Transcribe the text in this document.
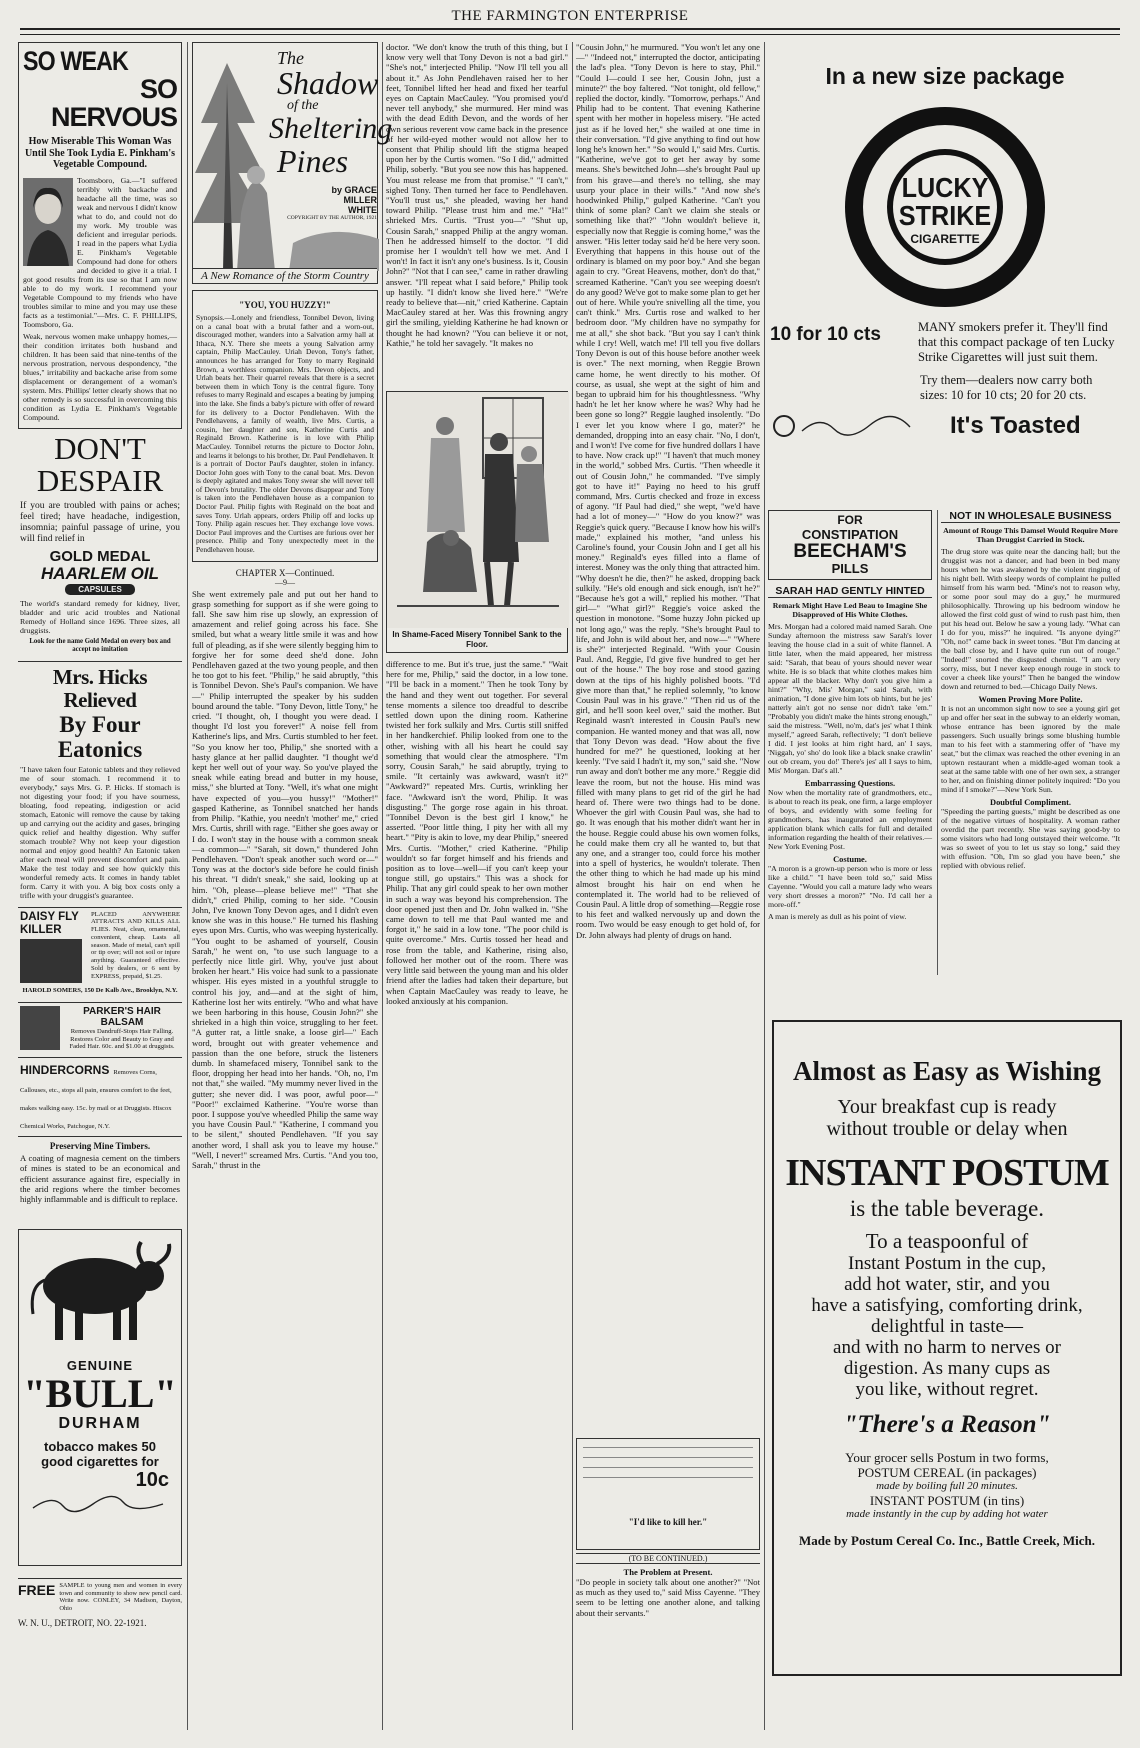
THE FARMINGTON ENTERPRISE
SO WEAK
SO NERVOUS
How Miserable This Woman Was Until She Took Lydia E. Pinkham's Vegetable Compound.
Toomsboro, Ga.—"I suffered terribly with backache and headache all the time, was so weak and nervous I didn't know what to do, and could not do my work. My trouble was deficient and irregular periods. I read in the papers what Lydia E. Pinkham's Vegetable Compound had done for others and decided to give it a trial. I got good results from its use so that I am now able to do my work. I recommend your Vegetable Compound to my friends who have troubles similar to mine and you may use these facts as a testimonial."—Mrs. C. F. PHILLIPS, Toomsboro, Ga.
Weak, nervous women make unhappy homes,—their condition irritates both husband and children. It has been said that nine-tenths of the nervous prostration, nervous despondency, "the blues," irritability and backache arise from some displacement or derangement of a woman's system. Mrs. Phillips' letter clearly shows that no other remedy is so successful in overcoming this condition as Lydia E. Pinkham's Vegetable Compound.
DON'T
DESPAIR
If you are troubled with pains or aches; feel tired; have headache, indigestion, insomnia; painful passage of urine, you will find relief in
GOLD MEDAL
HAARLEM OIL
CAPSULES
The world's standard remedy for kidney, liver, bladder and uric acid troubles and National Remedy of Holland since 1696. Three sizes, all druggists.
Look for the name Gold Medal on every box and accept no imitation
Mrs. Hicks Relieved
By Four Eatonics
"I have taken four Eatonic tablets and they relieved me of sour stomach. I recommend it to everybody," says Mrs. G. P. Hicks. If stomach is not digesting your food; if you have sourness, bloating, food repeating, indigestion or acid stomach, Eatonic will remove the cause by taking up and carrying out the acidity and gases, bringing quick relief and healthy digestion. Why suffer stomach trouble? Why not keep your digestion normal and enjoy good health? An Eatonic taken after each meal will prevent discomfort and pain. Make the test today and see how quickly this wonderful remedy acts. It comes in handy tablet form. Carry it with you. A big box costs only a trifle with your druggist's guarantee.
DAISY FLY KILLER
PLACED ANYWHERE ATTRACTS AND KILLS ALL FLIES. Neat, clean, ornamental, convenient, cheap. Lasts all season. Made of metal, can't spill or tip over; will not soil or injure anything. Guaranteed effective. Sold by dealers, or 6 sent by EXPRESS, prepaid, $1.25.
HAROLD SOMERS, 150 De Kalb Ave., Brooklyn, N.Y.
PARKER'S HAIR BALSAM
Removes Dandruff-Stops Hair Falling. Restores Color and Beauty to Gray and Faded Hair. 60c. and $1.00 at druggists.
HINDERCORNS Removes Corns, Callouses, etc., stops all pain, ensures comfort to the feet, makes walking easy. 15c. by mail or at Druggists. Hiscox Chemical Works, Patchogue, N.Y.
Preserving Mine Timbers.
A coating of magnesia cement on the timbers of mines is stated to be an economical and efficient assurance against fire, especially in the arid regions where the timber becomes highly inflammable and is difficult to replace.
GENUINE
"BULL"
DURHAM
tobacco makes 50
good cigarettes for
10c
FREE SAMPLE to young men and women in every town and community to show new pencil card. Write now. CONLEY, 34 Madison, Dayton, Ohio
W. N. U., DETROIT, NO. 22-1921.
The
Shadow
of the
Sheltering
Pines
by GRACE
MILLER
WHITE
COPYRIGHT BY THE AUTHOR, 1921
A New Romance of the Storm Country
"YOU, YOU HUZZY!"
Synopsis.—Lonely and friendless, Tonnibel Devon, living on a canal boat with a brutal father and a worn-out, discouraged mother, wanders into a Salvation army hall at Ithaca, N.Y. There she meets a young Salvation army captain, Philip MacCauley. Uriah Devon, Tony's father, announces he has arranged for Tony to marry Reginald Brown, a worthless companion. Mrs. Devon objects, and Urlah beats her. Their quarrel reveals that there is a secret between them in which Tony is the central figure. Tony refuses to marry Reginald and escapes a beating by jumping into the lake. She finds a baby's picture with offer of reward for its delivery to a Doctor Pendlehaven. With the Pendlehavens, a family of wealth, live Mrs. Curtis, a cousin, her daughter and son, Katherine Curtis and Reginald Brown. Katherine is in love with Philip MacCauley. Tonnibel returns the picture to Doctor John, and learns it belongs to his brother, Dr. Paul Pendlehaven. It is a portrait of Doctor Paul's daughter, stolen in infancy. Doctor John goes with Tony to the canal boat. Mrs. Devon is deeply agitated and makes Tony swear she will never tell of Devon's brutality. The older Devons disappear and Tony is taken into the Pendlehaven house as a companion to Doctor Paul. Philip fights with Reginald on the boat and saves Tony. Urlah appears, orders Philip off and locks up Tony. Philip again rescues her. They exchange love vows. Doctor Paul improves and the Curtises are furious over her presence. Philip and Tony unexpectedly meet in the Pendlehaven house.
CHAPTER X—Continued.
—9—
She went extremely pale and put out her hand to grasp something for support as if she were going to fall. She saw him rise up slowly, an expression of amazement and relief going across his face. She smiled, but what a weary little smile it was and how full of pleading, as if she were silently begging him to forgive her for some deed she'd done. John Pendlehaven gazed at the two young people, and then he too got to his feet. "Philip," he said abruptly, "this is Tonnibel Devon. She's Paul's companion. We have—" Philip interrupted the speaker by his sudden bound around the table. "Tony Devon, little Tony," he cried. "I thought, oh, I thought you were dead. I thought I'd lost you forever!" A noise fell from Katherine's lips, and Mrs. Curtis stumbled to her feet. "So you know her too, Philip," she snorted with a hasty glance at her pallid daughter. "I thought we'd kept her well out of your way. So you've played the sneak while eating bread and butter in my house, miss," she blurted at Tony. "Well, it's what one might have expected of you—you hussy!" "Mother!" gasped Katherine, as Tonnibel snatched her hands from Philip. "Kathie, you needn't 'mother' me," cried Mrs. Curtis, shrill with rage. "Either she goes away or I do. I won't stay in the house with a common sneak—a common—" "Sarah, sit down," thundered John Pendlehaven. "Don't speak another such word or—" Tony was at the doctor's side before he could finish his threat. "I didn't sneak," she said, looking up at him. "Oh, please—please believe me!" "That she didn't," cried Philip, coming to her side. "Cousin John, I've known Tony Devon ages, and I didn't even know she was in this house." He turned his flashing eyes upon Mrs. Curtis, who was weeping hysterically. "You ought to be ashamed of yourself, Cousin Sarah," he went on, "to use such language to a perfectly nice little girl. Why, you've just about broken her heart." His voice had sunk to a passionate whisper. His eyes misted in a youthful struggle to control his joy, and—and at the sight of him, Katherine lost her wits entirely. "Who and what have we been harboring in this house, Cousin John?" she shrieked in a high thin voice, struggling to her feet. "A gutter rat, a little snake, a loose girl—" Each word, brought out with greater vehemence and passion than the one before, struck the listeners dumb. In shamefaced misery, Tonnibel sank to the floor, dropping her head into her hands. "Oh, no, I'm not that," she wailed. "My mummy never lived in the gutter; she never did. I was poor, awful poor—" "Poor!" exclaimed Katherine. "You're worse than poor. I suppose you've wheedled Philip the same way you have Cousin Paul." "Katherine, I command you to be silent," shouted Pendlehaven. "If you say another word, I shall ask you to leave my house." "Well, I never!" screamed Mrs. Curtis. "And you too, Sarah," thrust in the
doctor. "We don't know the truth of this thing, but I know very well that Tony Devon is not a bad girl." "She's not," interjected Philip. "Now I'll tell you all about it." As John Pendlehaven raised her to her feet, Tonnibel lifted her head and fixed her tearful eyes on Captain MacCauley. "You promised you'd never tell anybody," she murmured. Her mind was with the dead Edith Devon, and the words of her own serious reverent vow came back in the presence of her wild-eyed mother would not allow her to consent that Philip should lift the stigma heaped upon her by the Curtis women. "So I did," admitted Philip, soberly. "But you see now this has happened. You must release me from that promise." "I can't," sighed Tony. Then turned her face to Pendlehaven. "You'll trust us," she pleaded, waving her hand toward Philip. "Please trust him and me." "Ha!" shrieked Mrs. Curtis. "Trust you—" "Shut up, Cousin Sarah," snapped Philip at the angry woman. Then he addressed himself to the doctor. "I did promise her I wouldn't tell how we met. And I won't! In fact it isn't any one's business. Is it, Cousin John?" "Not that I can see," came in rather drawling answer. "I'll repeat what I said before," Philip took up hastily. "I didn't know she lived here." "We're ready to believe that—nit," cried Katherine. Captain MacCauley stared at her. Was this frowning angry girl the smiling, yielding Katherine he had known or thought he had known? "You can believe it or not, Kathie," he told her savagely. "It makes no
In Shame-Faced Misery Tonnibel Sank to the Floor.
difference to me. But it's true, just the same." "Wait here for me, Philip," said the doctor, in a low tone. "I'll be back in a moment." Then he took Tony by the hand and they went out together. For several tense moments a silence too dreadful to describe settled down upon the dining room. Katherine twisted her fork sulkily and Mrs. Curtis still sniffed in her handkerchief. Philip looked from one to the other, wishing with all his heart he could say something that would clear the atmosphere. "I'm sorry, Cousin Sarah," he said abruptly, trying to smile. "It certainly was awkward, wasn't it?" "Awkward?" repeated Mrs. Curtis, wrinkling her face. "Awkward isn't the word, Philip. It was disgusting." The gorge rose again in his throat. "Tonnibel Devon is the best girl I know," he asserted. "Poor little thing, I pity her with all my heart." "Pity is akin to love, my dear Philip," sneered Mrs. Curtis. "Mother," cried Katherine. "Philip wouldn't so far forget himself and his friends and position as to love—well—if you can't keep your tongue still, go upstairs." This was a shock for Philip. That any girl could speak to her own mother in such a way was beyond his comprehension. The door opened just then and Dr. John walked in. "She came down to tell me that Paul wanted me and forgot it," he said in a low tone. "The poor child is quite overcome." Mrs. Curtis tossed her head and rose from the table, and Katherine, rising also, followed her mother out of the room. There was very little said between the young man and his older friend after the ladies had taken their departure, but when Captain MacCauley was ready to leave, he looked anxiously at his companion.
"Cousin John," he murmured. "You won't let any one—" "Indeed not," interrupted the doctor, anticipating the lad's plea. "Tony Devon is here to stay, Phil." "Could I—could I see her, Cousin John, just a minute?" the boy faltered. "Not tonight, old fellow," replied the doctor, kindly. "Tomorrow, perhaps." And Philip had to be content. That evening Katherine spent with her mother in hopeless misery. "He acted just as if he loved her," she wailed at one time in their conversation. "I'd give anything to find out how long he's known her." "So would I," said Mrs. Curtis. "Katherine, we've got to get her away by some means. She's bewitched John—she's brought Paul up from his grave—and there's no telling, she may usurp your place in their wills." "And now she's hoodwinked Philip," gulped Katherine. "Can't you think of some plan? Can't we claim she steals or something like that?" "John wouldn't believe it, especially now that Reggie is coming home," was the answer. "His letter today said he'd be here very soon. Everything that happens in this house out of the ordinary is blamed on my poor boy." And she began again to cry. "Great Heavens, mother, don't do that," screamed Katherine. "Can't you see weeping doesn't do any good? We've got to make some plan to get her out of here. While you're snivelling all the time, you can't think." Mrs. Curtis rose and walked to her bedroom door. "My children have no sympathy for me at all," she shot back. "But you say I can't think while I cry! Well, watch me! I'll tell you five dollars Tony Devon is out of this house before another week is over." The next morning, when Reggie Brown came home, he went directly to his mother. Of course, as usual, she wept at the sight of him and began to upbraid him for his thoughtlessness. "Why hadn't he let her know where he was? Why had he been gone so long?" Reggie laughed insolently. "Do I ever let you know where I go, mater?" he demanded, dropping into an easy chair. "No, I don't, and I won't! I've come for five hundred dollars I have to have. Now crack up!" "I haven't that much money in the world," sobbed Mrs. Curtis. "Then wheedle it out of Cousin John," he commanded. "I've simply got to have it!" Paying no heed to his gruff command, Mrs. Curtis checked and froze in excess of agony. "If Paul had died," she wept, "we'd have had a lot of money—" "How do you know?" was Reggie's quick query. "Because I know how his will's made," explained his mother, "and unless his Caroline's found, your Cousin John and I get all his money." Reginald's eyes filled into a flame of interest. Money was the only thing that attracted him. "Why doesn't he die, then?" he asked, dropping back sulkily. "He's old enough and sick enough, isn't he?" "Because he's got a will," replied his mother. "That girl—" "What girl?" Reggie's voice asked the question in monotone. "Some huzzy John picked up not long ago," was the reply. "She's brought Paul to life, and John is wild about her, and now—" "Where is she?" interjected Reginald. "With your Cousin Paul. And, Reggie, I'd give five hundred to get her out of the house." The boy rose and stood gazing down at the tips of his highly polished boots. "I'd give more than that," he replied solemnly, "to know Cousin Paul was in his grave." "Then rid us of the girl, and he'll soon keel over," said the mother. But Reginald wasn't interested in Cousin Paul's new companion. He wanted money and that was all, now that Tony Devon was dead. "How about the five hundred for me?" he questioned, looking at her keenly. "I've said I hadn't it, my son," said she. "Now run away and don't bother me any more." Reggie did leave the room, but not the house. His mind was filled with many plans to get rid of the girl he had heard of. There were two things had to be done. Whoever the girl with Cousin Paul was, she had to go. It was enough that his mother didn't want her in the house. Reggie could abuse his own women folks, he could make them cry all he wanted to, but that any one, and a stranger too, could force his mother into a spell of hysterics, he wouldn't tolerate. Then the other thing to which he had made up his mind almost brought his hair on end when he contemplated it. The world had to be relieved of Cousin Paul. A little drop of something—Reggie rose to his feet and walked nervously up and down the room. Two would be easy enough to get hold of, for Dr. John always had plenty of drugs on hand.
"I'd like to kill her."
(TO BE CONTINUED.)
The Problem at Present.
"Do people in society talk about one another?" "Not as much as they used to," said Miss Cayenne. "They seem to be letting one another alone, and talking about their servants."
In a new size package
LUCKY
STRIKE
CIGARETTE
10 for 10 cts	MANY smokers prefer it. They'll find that this compact package of ten Lucky Strike Cigarettes will just suit them.
Try them—dealers now carry both sizes: 10 for 10 cts; 20 for 20 cts.
It's Toasted
FOR
CONSTIPATION
BEECHAM'S
PILLS
SARAH HAD GENTLY HINTED
Remark Might Have Led Beau to Imagine She Disapproved of His White Clothes.
Mrs. Morgan had a colored maid named Sarah. One Sunday afternoon the mistress saw Sarah's lover leaving the house clad in a suit of white flannel. A little later, when the maid appeared, her mistress said: "Sarah, that beau of yours should never wear white. He is so black that white clothes makes him appear all the blacker. Why don't you give him a hint?" "Why, Mis' Morgan," said Sarah, with animation, "I done give him lots ob hints, but he jes' natterly ain't got no sense nor didn't take 'em." "Probably you didn't make the hints strong enough," said the mistress. "Well, no'm, dat's jes' what I think myself," agreed Sarah, reflectively; "I don't believe I did. I jest looks at him right hard, an' I says, 'Niggah, yo' sho' do look like a black snake crawlin' out ob cream, you do!' There's jes' all I says to him, Mis' Morgan. Dat's all."
Embarrassing Questions.
Now when the mortality rate of grandmothers, etc., is about to reach its peak, one firm, a large employer of boys, and evidently with some feeling for grandmothers, has inaugurated an employment application blank which calls for full and detailed information regarding the health of their relatives.—New York Evening Post.
Costume.
"A moron is a grown-up person who is more or less like a child." "I have been told so," said Miss Cayenne. "Would you call a mature lady who wears very short dresses a moron?" "No. I'd call her a more-off."
A man is merely as dull as his point of view.
NOT IN WHOLESALE BUSINESS
Amount of Rouge This Damsel Would Require More Than Druggist Carried in Stock.
The drug store was quite near the dancing hall; but the druggist was not a dancer, and had been in bed many hours when he was awakened by the violent ringing of his night bell. With sleepy words of complaint he pulled himself from his warm bed. "Mine's not to reason why, or some poor soul may do a guy," he murmured philosophically. Throwing up his bedroom window he allowed the first cold gust of wind to rush past him, then put his head out. Below he saw a young lady. "What can I do for you, miss?" he inquired. "Is anyone dying?" "Oh, no!" came back in sweet tones. "But I'm dancing at the ball close by, and I have quite run out of rouge." "Indeed!" snorted the disgusted chemist. "I am very sorry, miss, but I never keep enough rouge in stock to cover a cheek like yours!" Then he banged the window down and returned to bed.—Chicago Daily News.
Women Proving More Polite.
It is not an uncommon sight now to see a young girl get up and offer her seat in the subway to an elderly woman, whose entrance has been ignored by the male passengers. Such usually brings some blushing humble man to his feet with a stammering offer of "have my seat," but the climax was reached the other evening in an uptown restaurant when a middle-aged woman took a seat at the same table with one of her own sex, a stranger to her, and on finishing dinner politely inquired: "Do you mind if I smoke?"—New York Sun.
Doubtful Compliment.
"Speeding the parting guests," might be described as one of the negative virtues of hospitality. A woman rather overdid the part recently. She was saying good-by to some visitors who had long outstayed their welcome. "It was so sweet of you to let us stay so long," said they with effusion. "Oh, I'm so glad you have been," she replied with obvious relief.
Almost as Easy as Wishing
Your breakfast cup is ready
without trouble or delay when
INSTANT POSTUM
is the table beverage.
To a teaspoonful of
Instant Postum in the cup,
add hot water, stir, and you
have a satisfying, comforting drink, delightful in taste—
and with no harm to nerves or
digestion. As many cups as
you like, without regret.
"There's a Reason"
Your grocer sells Postum in two forms,
POSTUM CEREAL (in packages)
made by boiling full 20 minutes.
INSTANT POSTUM (in tins)
made instantly in the cup by adding hot water
Made by Postum Cereal Co. Inc., Battle Creek, Mich.
